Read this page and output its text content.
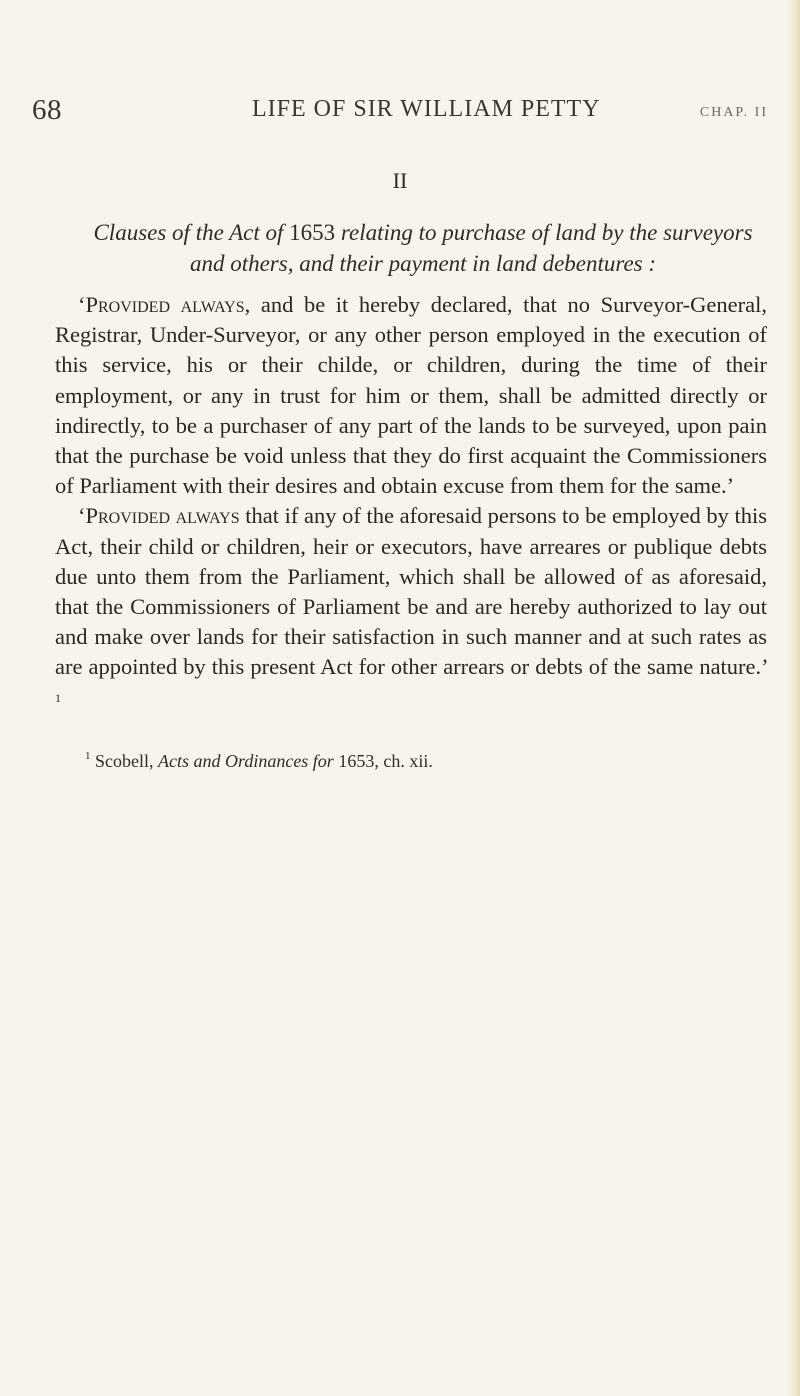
68	LIFE OF SIR WILLIAM PETTY	CHAP. II
II
Clauses of the Act of 1653 relating to purchase of land by the surveyors and others, and their payment in land debentures :

‘Provided always, and be it hereby declared, that no Surveyor-General, Registrar, Under-Surveyor, or any other person employed in the execution of this service, his or their childe, or children, during the time of their employment, or any in trust for him or them, shall be admitted directly or indirectly, to be a purchaser of any part of the lands to be surveyed, upon pain that the purchase be void unless that they do first acquaint the Commissioners of Parliament with their desires and obtain excuse from them for the same.’

‘Provided always that if any of the aforesaid persons to be employed by this Act, their child or children, heir or executors, have arreares or publique debts due unto them from the Parliament, which shall be allowed of as aforesaid, that the Commissioners of Parliament be and are hereby authorized to lay out and make over lands for their satisfaction in such manner and at such rates as are appointed by this present Act for other arrears or debts of the same nature.’ $^1$

$^1$ Scobell, Acts and Ordinances for 1653, ch. xii.
